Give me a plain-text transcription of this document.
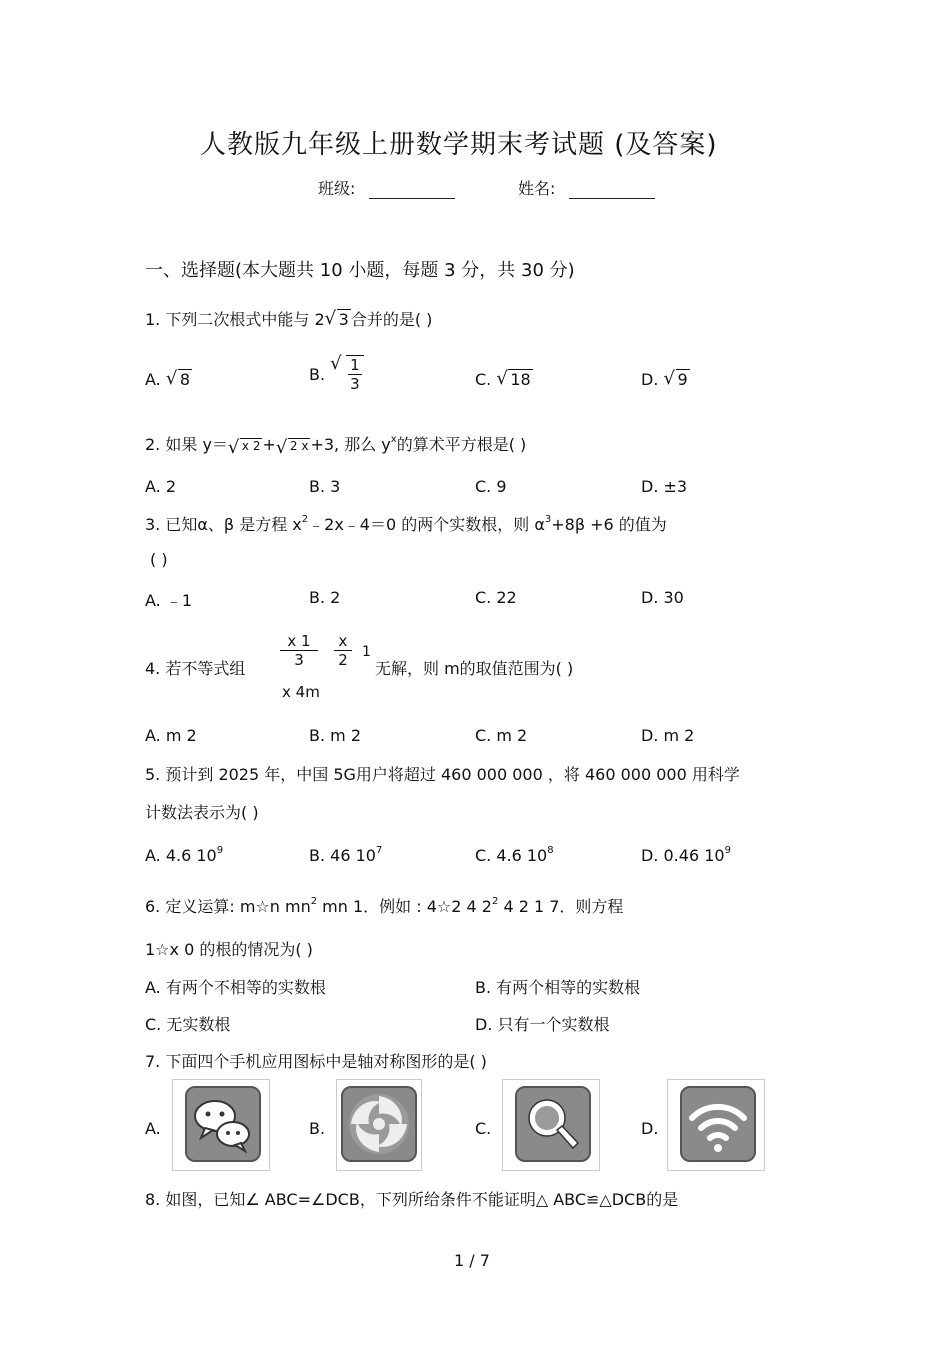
人教版九年级上册数学期末考试题 (及答案)
班级:	姓名:
一、选择题(本大题共 10 小题，每题 3 分，共 30 分)
1. 下列二次根式中能与 2 √ 3 合并的是( )
A. √ 8	B. √ $\frac{1}{3}$	C. √ 18	D. √ 9
2. 如果 y＝ √ x 2 + √ 2 x +3, 那么 $y^x$的算术平方根是( )
A. 2	B. 3	C. 9	D. ±3
3. 已知α、β 是方程 $x^2﹣2x﹣4=0$ 的两个实数根，则 $\alpha^3+8\beta +6$ 的值为
( )
A. ﹣1	B. 2	C. 22	D. 30
4. 若不等式组 $\frac{x 1}{3} \frac{x}{2} 1$
无解，则 m的取值范围为( )
x 4m
A. m 2	B. m 2	C. m 2	D. m 2
5. 预计到 2025 年，中国 5G用户将超过 460 000 000 ，将 460 000 000 用科学
计数法表示为( )
A. 4.6 $10^9$	B. 46 $10^7$	C. 4.6 $10^8$	D. 0.46 $10^9$
6. 定义运算: m☆n $mn^2$ mn 1．例如 : 4☆2 4 $2^2$ 4 2 1 7．则方程
1☆x 0 的根的情况为( )
A. 有两个不相等的实数根	B. 有两个相等的实数根
C. 无实数根	D. 只有一个实数根
7. 下面四个手机应用图标中是轴对称图形的是( )
A.	B.	C.	D.
8. 如图，已知∠ ABC=∠DCB，下列所给条件不能证明△ ABC≌△DCB的是
1 / 7
